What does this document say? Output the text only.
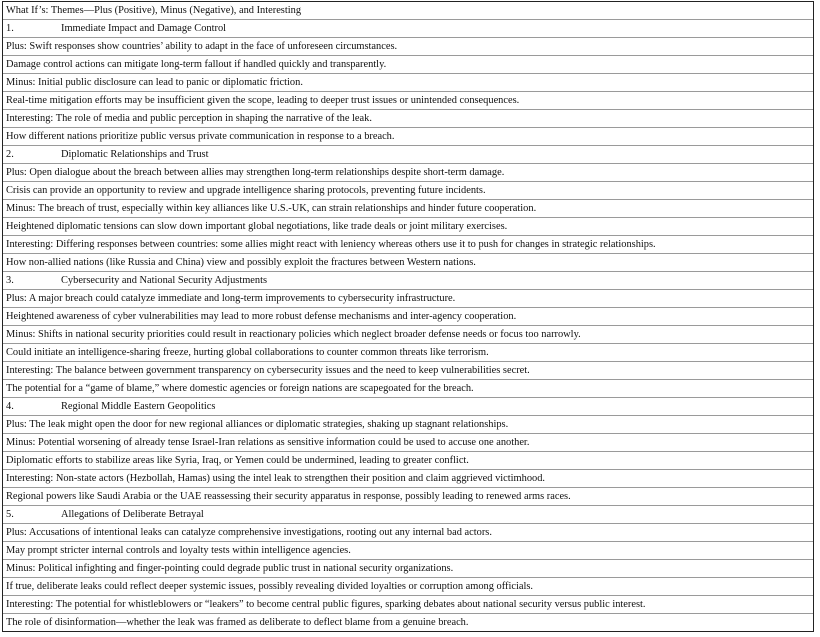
What If’s: Themes—Plus (Positive), Minus (Negative), and Interesting
1.	Immediate Impact and Damage Control
Plus: Swift responses show countries’ ability to adapt in the face of unforeseen circumstances.
Damage control actions can mitigate long-term fallout if handled quickly and transparently.
Minus: Initial public disclosure can lead to panic or diplomatic friction.
Real-time mitigation efforts may be insufficient given the scope, leading to deeper trust issues or unintended consequences.
Interesting: The role of media and public perception in shaping the narrative of the leak.
How different nations prioritize public versus private communication in response to a breach.
2.	Diplomatic Relationships and Trust
Plus: Open dialogue about the breach between allies may strengthen long-term relationships despite short-term damage.
Crisis can provide an opportunity to review and upgrade intelligence sharing protocols, preventing future incidents.
Minus: The breach of trust, especially within key alliances like U.S.-UK, can strain relationships and hinder future cooperation.
Heightened diplomatic tensions can slow down important global negotiations, like trade deals or joint military exercises.
Interesting: Differing responses between countries: some allies might react with leniency whereas others use it to push for changes in strategic relationships.
How non-allied nations (like Russia and China) view and possibly exploit the fractures between Western nations.
3.	Cybersecurity and National Security Adjustments
Plus: A major breach could catalyze immediate and long-term improvements to cybersecurity infrastructure.
Heightened awareness of cyber vulnerabilities may lead to more robust defense mechanisms and inter-agency cooperation.
Minus: Shifts in national security priorities could result in reactionary policies which neglect broader defense needs or focus too narrowly.
Could initiate an intelligence-sharing freeze, hurting global collaborations to counter common threats like terrorism.
Interesting: The balance between government transparency on cybersecurity issues and the need to keep vulnerabilities secret.
The potential for a “game of blame,” where domestic agencies or foreign nations are scapegoated for the breach.
4.	Regional Middle Eastern Geopolitics
Plus: The leak might open the door for new regional alliances or diplomatic strategies, shaking up stagnant relationships.
Minus: Potential worsening of already tense Israel-Iran relations as sensitive information could be used to accuse one another.
Diplomatic efforts to stabilize areas like Syria, Iraq, or Yemen could be undermined, leading to greater conflict.
Interesting: Non-state actors (Hezbollah, Hamas) using the intel leak to strengthen their position and claim aggrieved victimhood.
Regional powers like Saudi Arabia or the UAE reassessing their security apparatus in response, possibly leading to renewed arms races.
5.	Allegations of Deliberate Betrayal
Plus: Accusations of intentional leaks can catalyze comprehensive investigations, rooting out any internal bad actors.
May prompt stricter internal controls and loyalty tests within intelligence agencies.
Minus: Political infighting and finger-pointing could degrade public trust in national security organizations.
If true, deliberate leaks could reflect deeper systemic issues, possibly revealing divided loyalties or corruption among officials.
Interesting: The potential for whistleblowers or “leakers” to become central public figures, sparking debates about national security versus public interest.
The role of disinformation—whether the leak was framed as deliberate to deflect blame from a genuine breach.
